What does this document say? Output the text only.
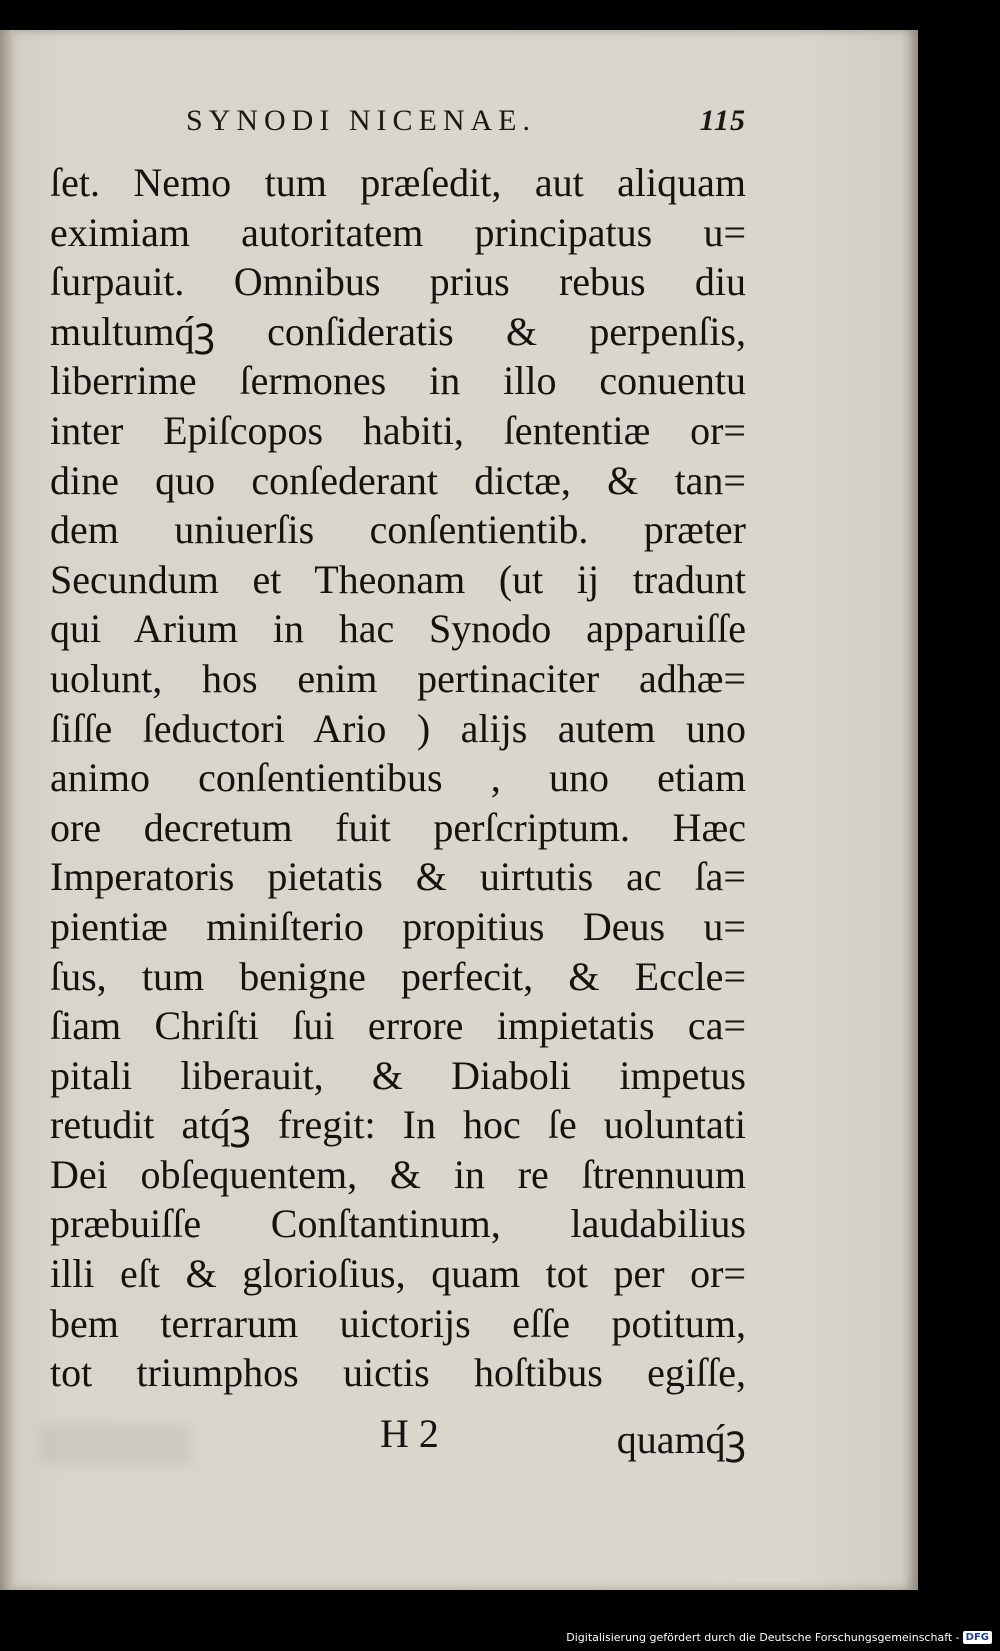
SYNODI NICENAE.	115
ſet. Nemo tum præſedit, aut aliquam
eximiam autoritatem principatus u=
ſurpauit. Omnibus prius rebus diu
multumq́ꝫ conſideratis & perpenſis,
liberrime ſermones in illo conuentu
inter Epiſcopos habiti, ſententiæ or=
dine quo conſederant dictæ, & tan=
dem uniuerſis conſentientib. præter
Secundum et Theonam (ut ij tradunt
qui Arium in hac Synodo apparuiſſe
uolunt, hos enim pertinaciter adhæ=
ſiſſe ſeductori Ario ) alijs autem uno
animo conſentientibus , uno etiam
ore decretum fuit perſcriptum. Hæc
Imperatoris pietatis & uirtutis ac ſa=
pientiæ miniſterio propitius Deus u=
ſus, tum benigne perfecit, & Eccle=
ſiam Chriſti ſui errore impietatis ca=
pitali liberauit, & Diaboli impetus
retudit atq́ꝫ fregit: In hoc ſe uoluntati
Dei obſequentem, & in re ſtrennuum
præbuiſſe Conſtantinum, laudabilius
illi eſt & glorioſius, quam tot per or=
bem terrarum uictorijs eſſe potitum,
tot triumphos uictis hoſtibus egiſſe,
H 2	quamq́ꝫ
Digitalisierung gefördert durch die Deutsche Forschungsgemeinschaft - DFG
